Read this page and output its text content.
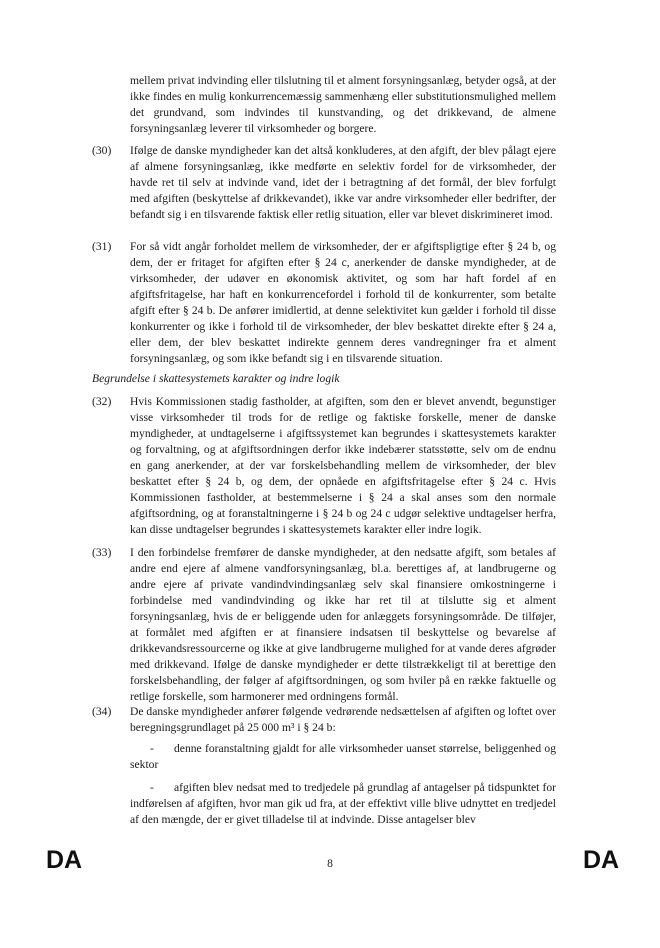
mellem privat indvinding eller tilslutning til et alment forsyningsanlæg, betyder også, at der ikke findes en mulig konkurrencemæssig sammenhæng eller substitutionsmulighed mellem det grundvand, som indvindes til kunstvanding, og det drikkevand, de almene forsyningsanlæg leverer til virksomheder og borgere.
(30) Ifølge de danske myndigheder kan det altså konkluderes, at den afgift, der blev pålagt ejere af almene forsyningsanlæg, ikke medførte en selektiv fordel for de virksomheder, der havde ret til selv at indvinde vand, idet der i betragtning af det formål, der blev forfulgt med afgiften (beskyttelse af drikkevandet), ikke var andre virksomheder eller bedrifter, der befandt sig i en tilsvarende faktisk eller retlig situation, eller var blevet diskrimineret imod.
(31) For så vidt angår forholdet mellem de virksomheder, der er afgiftspligtige efter § 24 b, og dem, der er fritaget for afgiften efter § 24 c, anerkender de danske myndigheder, at de virksomheder, der udøver en økonomisk aktivitet, og som har haft fordel af en afgiftsfritagelse, har haft en konkurrencefordel i forhold til de konkurrenter, som betalte afgift efter § 24 b. De anfører imidlertid, at denne selektivitet kun gælder i forhold til disse konkurrenter og ikke i forhold til de virksomheder, der blev beskattet direkte efter § 24 a, eller dem, der blev beskattet indirekte gennem deres vandregninger fra et alment forsyningsanlæg, og som ikke befandt sig i en tilsvarende situation.
Begrundelse i skattesystemets karakter og indre logik
(32) Hvis Kommissionen stadig fastholder, at afgiften, som den er blevet anvendt, begunstiger visse virksomheder til trods for de retlige og faktiske forskelle, mener de danske myndigheder, at undtagelserne i afgiftssystemet kan begrundes i skattesystemets karakter og forvaltning, og at afgiftsordningen derfor ikke indebærer statsstøtte, selv om de endnu en gang anerkender, at der var forskelsbehandling mellem de virksomheder, der blev beskattet efter § 24 b, og dem, der opnåede en afgiftsfritagelse efter § 24 c. Hvis Kommissionen fastholder, at bestemmelserne i § 24 a skal anses som den normale afgiftsordning, og at foranstaltningerne i § 24 b og 24 c udgør selektive undtagelser herfra, kan disse undtagelser begrundes i skattesystemets karakter eller indre logik.
(33) I den forbindelse fremfører de danske myndigheder, at den nedsatte afgift, som betales af andre end ejere af almene vandforsyningsanlæg, bl.a. berettiges af, at landbrugerne og andre ejere af private vandindvindingsanlæg selv skal finansiere omkostningerne i forbindelse med vandindvinding og ikke har ret til at tilslutte sig et alment forsyningsanlæg, hvis de er beliggende uden for anlæggets forsyningsområde. De tilføjer, at formålet med afgiften er at finansiere indsatsen til beskyttelse og bevarelse af drikkevandsressourcerne og ikke at give landbrugerne mulighed for at vande deres afgrøder med drikkevand. Ifølge de danske myndigheder er dette tilstrækkeligt til at berettige den forskelsbehandling, der følger af afgiftsordningen, og som hviler på en række faktuelle og retlige forskelle, som harmonerer med ordningens formål.
(34) De danske myndigheder anfører følgende vedrørende nedsættelsen af afgiften og loftet over beregningsgrundlaget på 25 000 m³ i § 24 b:
-	denne foranstaltning gjaldt for alle virksomheder uanset størrelse, beliggenhed og sektor
-	afgiften blev nedsat med to tredjedele på grundlag af antagelser på tidspunktet for indførelsen af afgiften, hvor man gik ud fra, at der effektivt ville blive udnyttet en tredjedel af den mængde, der er givet tilladelse til at indvinde. Disse antagelser blev
DA	8	DA
